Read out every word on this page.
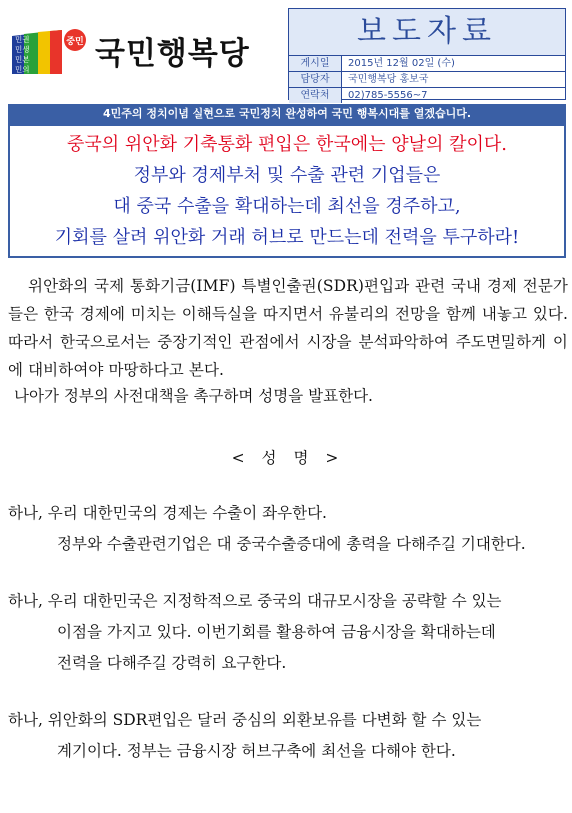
중민
민권
민생
민본
민의 국민행복당
보도자료
게시일	2015년 12월 02일 (수)
담당자	국민행복당 홍보국
연락처	02)785-5556~7
4민주의 정치이념 실현으로 국민정치 완성하여 국민 행복시대를 열겠습니다.
중국의 위안화 기축통화 편입은 한국에는 양날의 칼이다.
정부와 경제부처 및 수출 관련 기업들은
대 중국 수출을 확대하는데 최선을 경주하고,
기회를 살려 위안화 거래 허브로 만드는데 전력을 투구하라!
위안화의 국제 통화기금(IMF) 특별인출권(SDR)편입과 관련 국내 경제 전문가들은 한국 경제에 미치는 이해득실을 따지면서 유불리의 전망을 함께 내놓고 있다. 따라서 한국으로서는 중장기적인 관점에서 시장을 분석파악하여 주도면밀하게 이에 대비하여야 마땅하다고 본다.
나아가 정부의 사전대책을 촉구하며 성명을 발표한다.
< 성 명 >
하나, 우리 대한민국의 경제는 수출이 좌우한다.
정부와 수출관련기업은 대 중국수출증대에 총력을 다해주길 기대한다.
하나, 우리 대한민국은 지정학적으로 중국의 대규모시장을 공략할 수 있는
이점을 가지고 있다. 이번기회를 활용하여 금융시장을 확대하는데
전력을 다해주길 강력히 요구한다.
하나, 위안화의 SDR편입은 달러 중심의 외환보유를 다변화 할 수 있는
계기이다. 정부는 금융시장 허브구축에 최선을 다해야 한다.
